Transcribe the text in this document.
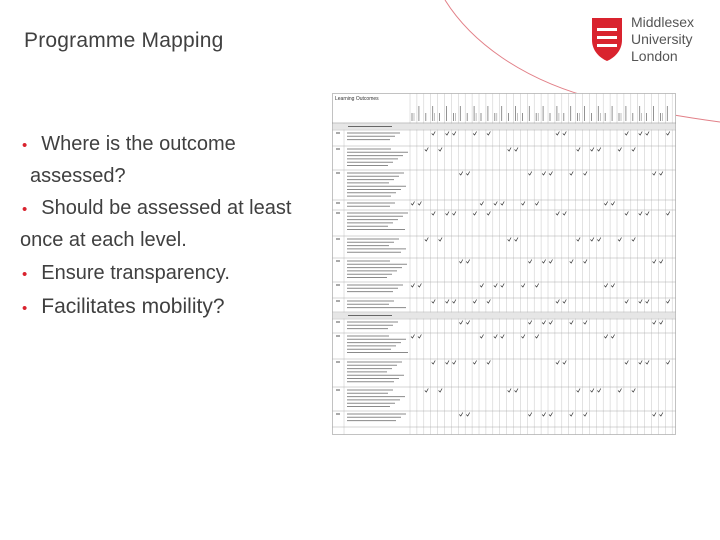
Programme Mapping
Middlesex
University
London
• Where is the outcome
assessed?
• Should be assessed at least
once at each level.
• Ensure transparency.
• Facilitates mobility?
Learning Outcomes
